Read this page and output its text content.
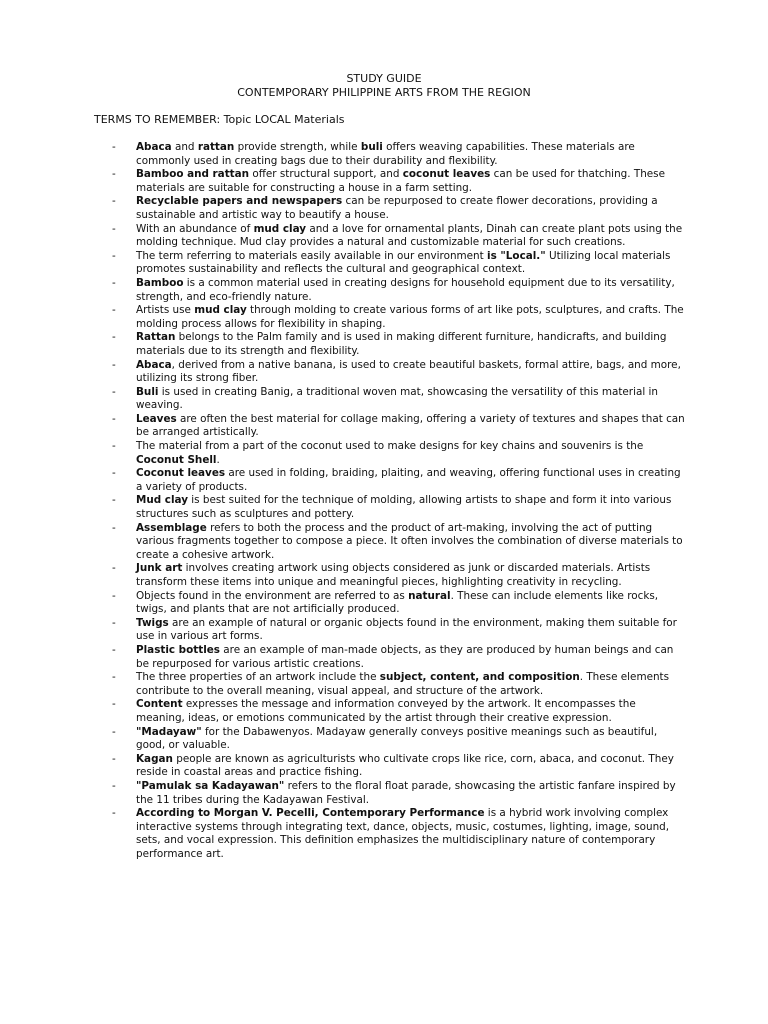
STUDY GUIDE
CONTEMPORARY PHILIPPINE ARTS FROM THE REGION
TERMS TO REMEMBER: Topic LOCAL Materials
- Abaca and rattan provide strength, while buli offers weaving capabilities. These materials are commonly used in creating bags due to their durability and flexibility.
- Bamboo and rattan offer structural support, and coconut leaves can be used for thatching. These materials are suitable for constructing a house in a farm setting.
- Recyclable papers and newspapers can be repurposed to create flower decorations, providing a sustainable and artistic way to beautify a house.
- With an abundance of mud clay and a love for ornamental plants, Dinah can create plant pots using the molding technique. Mud clay provides a natural and customizable material for such creations.
- The term referring to materials easily available in our environment is "Local." Utilizing local materials promotes sustainability and reflects the cultural and geographical context.
- Bamboo is a common material used in creating designs for household equipment due to its versatility, strength, and eco-friendly nature.
- Artists use mud clay through molding to create various forms of art like pots, sculptures, and crafts. The molding process allows for flexibility in shaping.
- Rattan belongs to the Palm family and is used in making different furniture, handicrafts, and building materials due to its strength and flexibility.
- Abaca, derived from a native banana, is used to create beautiful baskets, formal attire, bags, and more, utilizing its strong fiber.
- Buli is used in creating Banig, a traditional woven mat, showcasing the versatility of this material in weaving.
- Leaves are often the best material for collage making, offering a variety of textures and shapes that can be arranged artistically.
- The material from a part of the coconut used to make designs for key chains and souvenirs is the Coconut Shell.
- Coconut leaves are used in folding, braiding, plaiting, and weaving, offering functional uses in creating a variety of products.
- Mud clay is best suited for the technique of molding, allowing artists to shape and form it into various structures such as sculptures and pottery.
- Assemblage refers to both the process and the product of art-making, involving the act of putting various fragments together to compose a piece. It often involves the combination of diverse materials to create a cohesive artwork.
- Junk art involves creating artwork using objects considered as junk or discarded materials. Artists transform these items into unique and meaningful pieces, highlighting creativity in recycling.
- Objects found in the environment are referred to as natural. These can include elements like rocks, twigs, and plants that are not artificially produced.
- Twigs are an example of natural or organic objects found in the environment, making them suitable for use in various art forms.
- Plastic bottles are an example of man-made objects, as they are produced by human beings and can be repurposed for various artistic creations.
- The three properties of an artwork include the subject, content, and composition. These elements contribute to the overall meaning, visual appeal, and structure of the artwork.
- Content expresses the message and information conveyed by the artwork. It encompasses the meaning, ideas, or emotions communicated by the artist through their creative expression.
- "Madayaw" for the Dabawenyos. Madayaw generally conveys positive meanings such as beautiful, good, or valuable.
- Kagan people are known as agriculturists who cultivate crops like rice, corn, abaca, and coconut. They reside in coastal areas and practice fishing.
- "Pamulak sa Kadayawan" refers to the floral float parade, showcasing the artistic fanfare inspired by the 11 tribes during the Kadayawan Festival.
- According to Morgan V. Pecelli, Contemporary Performance is a hybrid work involving complex interactive systems through integrating text, dance, objects, music, costumes, lighting, image, sound, sets, and vocal expression. This definition emphasizes the multidisciplinary nature of contemporary performance art.
